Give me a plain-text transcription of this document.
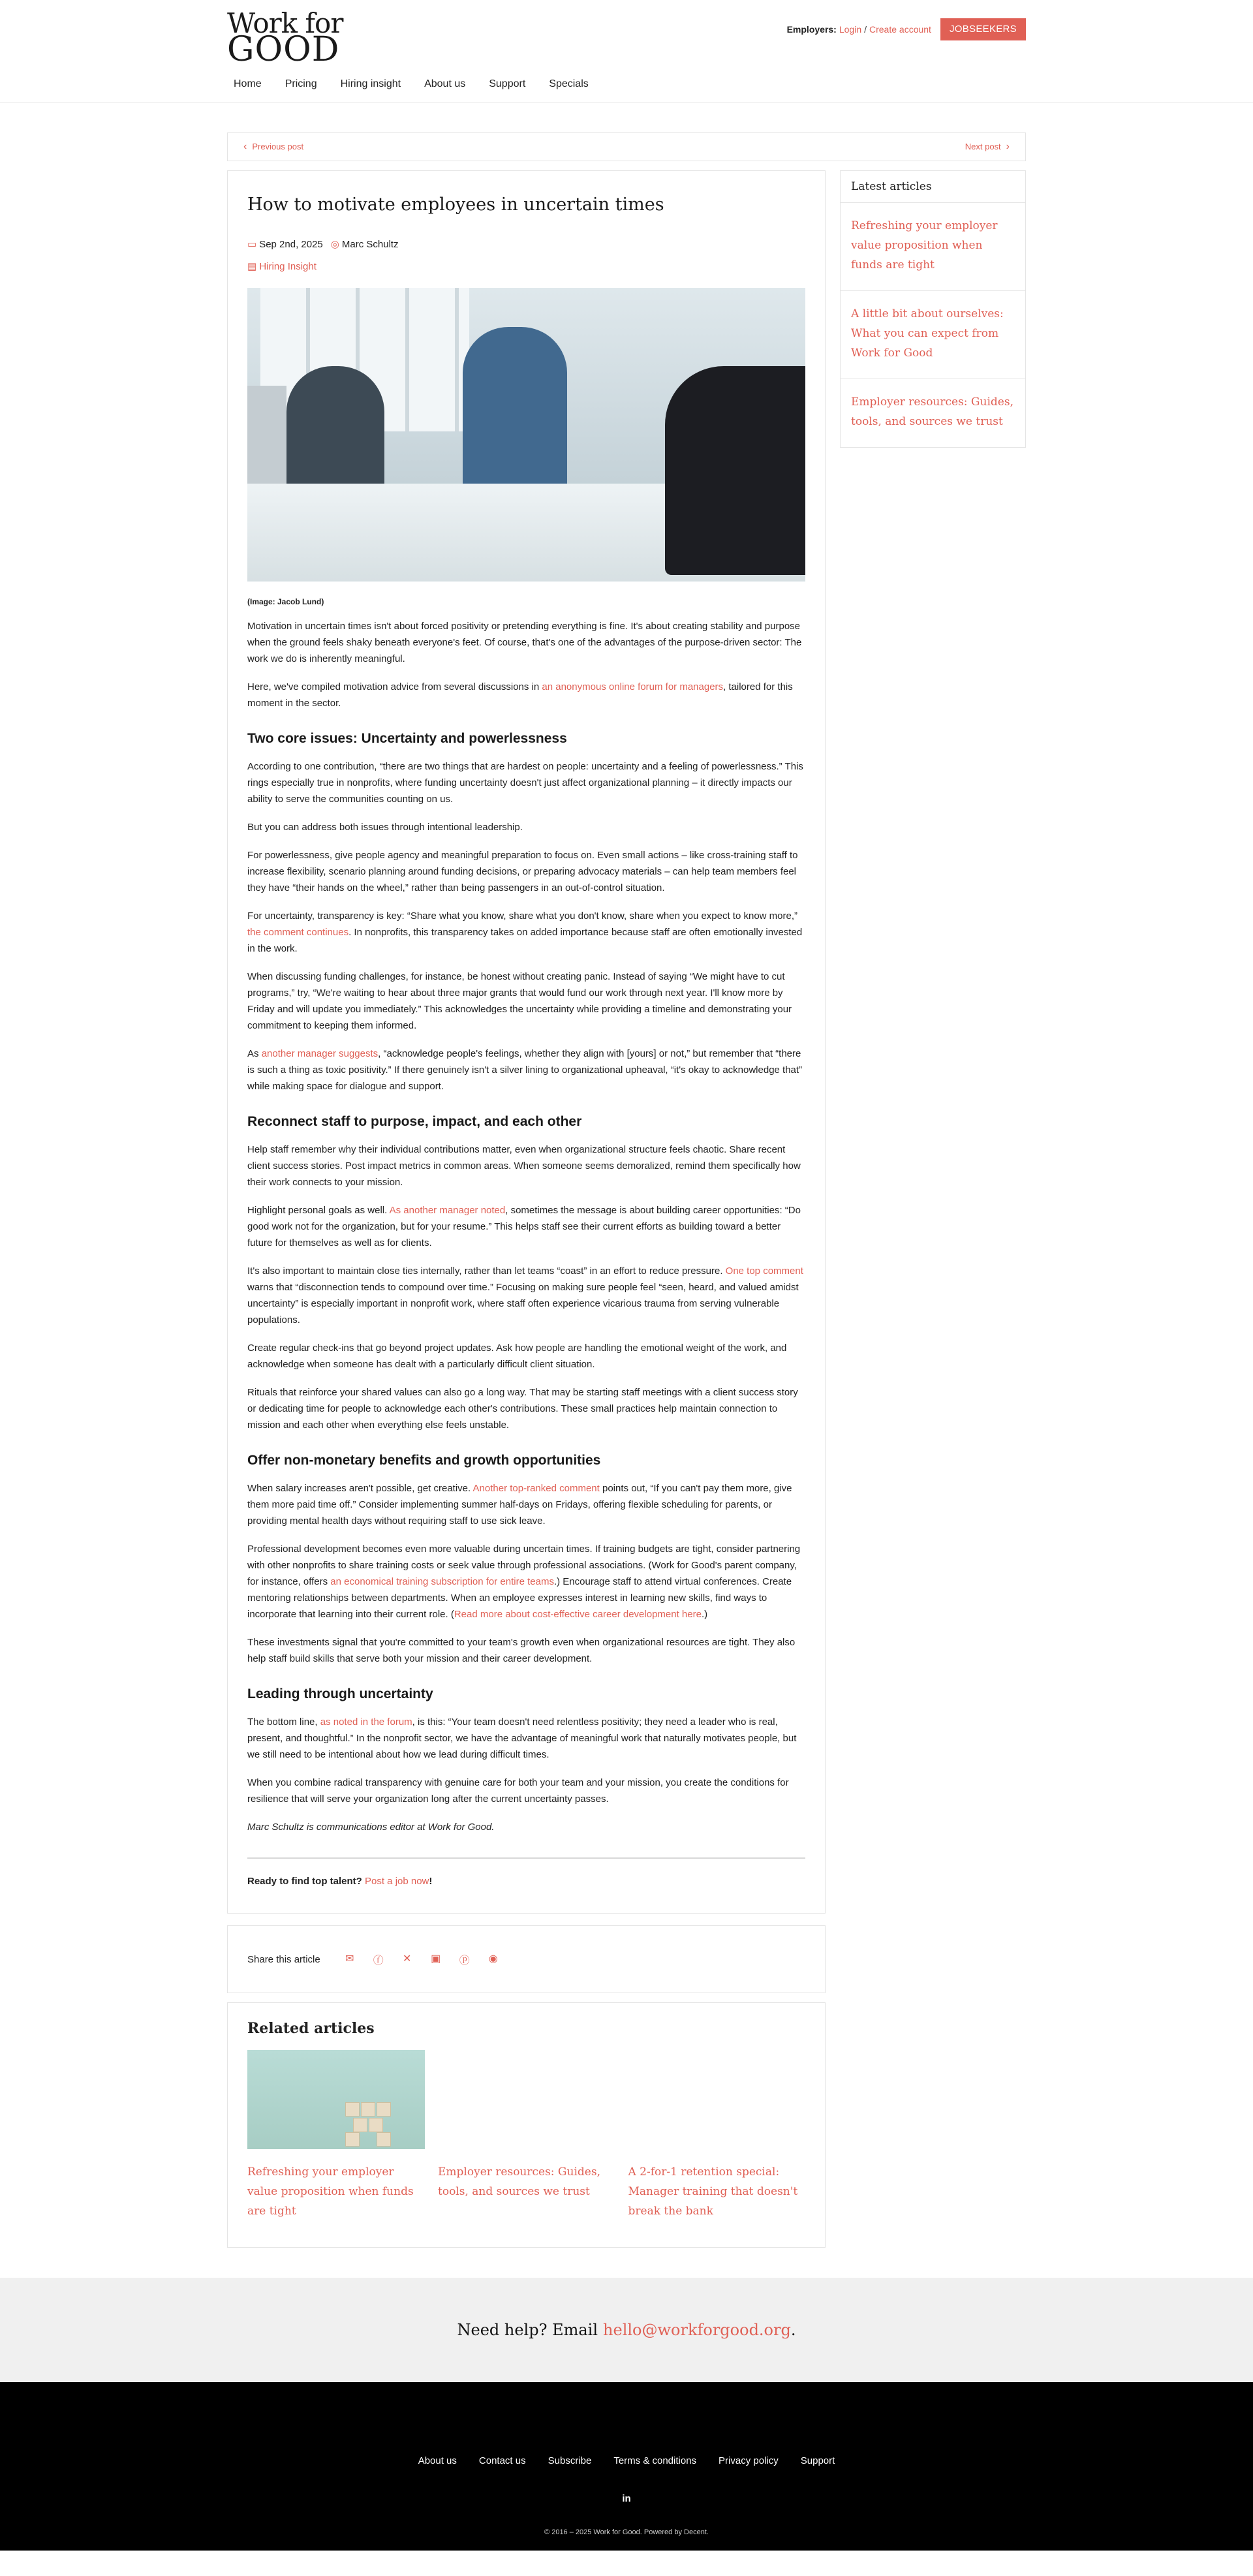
Work for
GOOD
Employers: Login / Create account	JOBSEEKERS
Home Pricing Hiring insight About us Support Specials
‹ Previous post	Next post ›
How to motivate employees in uncertain times
▭ Sep 2nd, 2025 ◎ Marc Schultz
▤ Hiring Insight
(Image: Jacob Lund)

Motivation in uncertain times isn't about forced positivity or pretending everything is fine. It's about creating stability and purpose when the ground feels shaky beneath everyone's feet. Of course, that's one of the advantages of the purpose-driven sector: The work we do is inherently meaningful.

Here, we've compiled motivation advice from several discussions in an anonymous online forum for managers, tailored for this moment in the sector.

Two core issues: Uncertainty and powerlessness

According to one contribution, “there are two things that are hardest on people: uncertainty and a feeling of powerlessness.” This rings especially true in nonprofits, where funding uncertainty doesn't just affect organizational planning – it directly impacts our ability to serve the communities counting on us.

But you can address both issues through intentional leadership.

For powerlessness, give people agency and meaningful preparation to focus on. Even small actions – like cross-training staff to increase flexibility, scenario planning around funding decisions, or preparing advocacy materials – can help team members feel they have “their hands on the wheel,” rather than being passengers in an out-of-control situation.

For uncertainty, transparency is key: “Share what you know, share what you don't know, share when you expect to know more,” the comment continues. In nonprofits, this transparency takes on added importance because staff are often emotionally invested in the work.

When discussing funding challenges, for instance, be honest without creating panic. Instead of saying “We might have to cut programs,” try, “We're waiting to hear about three major grants that would fund our work through next year. I'll know more by Friday and will update you immediately.” This acknowledges the uncertainty while providing a timeline and demonstrating your commitment to keeping them informed.

As another manager suggests, “acknowledge people's feelings, whether they align with [yours] or not,” but remember that “there is such a thing as toxic positivity.” If there genuinely isn't a silver lining to organizational upheaval, “it's okay to acknowledge that” while making space for dialogue and support.

Reconnect staff to purpose, impact, and each other

Help staff remember why their individual contributions matter, even when organizational structure feels chaotic. Share recent client success stories. Post impact metrics in common areas. When someone seems demoralized, remind them specifically how their work connects to your mission.

Highlight personal goals as well. As another manager noted, sometimes the message is about building career opportunities: “Do good work not for the organization, but for your resume.” This helps staff see their current efforts as building toward a better future for themselves as well as for clients.

It's also important to maintain close ties internally, rather than let teams “coast” in an effort to reduce pressure. One top comment warns that “disconnection tends to compound over time.” Focusing on making sure people feel “seen, heard, and valued amidst uncertainty” is especially important in nonprofit work, where staff often experience vicarious trauma from serving vulnerable populations.

Create regular check-ins that go beyond project updates. Ask how people are handling the emotional weight of the work, and acknowledge when someone has dealt with a particularly difficult client situation.

Rituals that reinforce your shared values can also go a long way. That may be starting staff meetings with a client success story or dedicating time for people to acknowledge each other's contributions. These small practices help maintain connection to mission and each other when everything else feels unstable.

Offer non-monetary benefits and growth opportunities

When salary increases aren't possible, get creative. Another top-ranked comment points out, “If you can't pay them more, give them more paid time off.” Consider implementing summer half-days on Fridays, offering flexible scheduling for parents, or providing mental health days without requiring staff to use sick leave.

Professional development becomes even more valuable during uncertain times. If training budgets are tight, consider partnering with other nonprofits to share training costs or seek value through professional associations. (Work for Good's parent company, for instance, offers an economical training subscription for entire teams.) Encourage staff to attend virtual conferences. Create mentoring relationships between departments. When an employee expresses interest in learning new skills, find ways to incorporate that learning into their current role. (Read more about cost-effective career development here.)

These investments signal that you're committed to your team's growth even when organizational resources are tight. They also help staff build skills that serve both your mission and their career development.

Leading through uncertainty

The bottom line, as noted in the forum, is this: “Your team doesn't need relentless positivity; they need a leader who is real, present, and thoughtful.” In the nonprofit sector, we have the advantage of meaningful work that naturally motivates people, but we still need to be intentional about how we lead during difficult times.

When you combine radical transparency with genuine care for both your team and your mission, you create the conditions for resilience that will serve your organization long after the current uncertainty passes.

Marc Schultz is communications editor at Work for Good.

Ready to find top talent? Post a job now!

Latest articles
Refreshing your employer value proposition when funds are tight
A little bit about ourselves: What you can expect from Work for Good
Employer resources: Guides, tools, and sources we trust
Share this article ✉ ⓕ ✕ ▣ ⓟ ◉
Related articles
Refreshing your employer value proposition when funds are tight
Employer resources: Guides, tools, and sources we trust
A 2-for-1 retention special: Manager training that doesn't break the bank
Need help? Email hello@workforgood.org .
About us Contact us Subscribe Terms & conditions Privacy policy Support
in
© 2016 – 2025 Work for Good. Powered by Decent.
